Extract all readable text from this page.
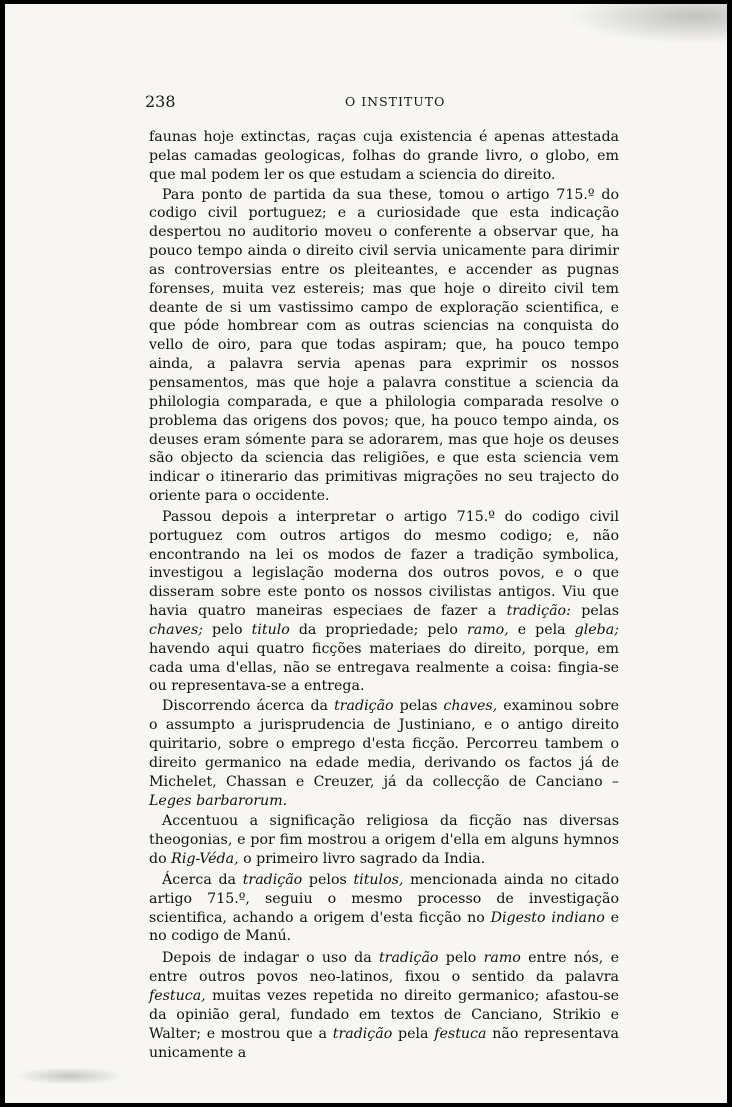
238	O INSTITUTO

faunas hoje extinctas, raças cuja existencia é apenas attestada pelas camadas geologicas, folhas do grande livro, o globo, em que mal podem ler os que estudam a sciencia do direito.

Para ponto de partida da sua these, tomou o artigo 715.º do codigo civil portuguez; e a curiosidade que esta indicação despertou no auditorio moveu o conferente a observar que, ha pouco tempo ainda o direito civil servia unicamente para dirimir as controversias entre os pleiteantes, e accender as pugnas forenses, muita vez estereis; mas que hoje o direito civil tem deante de si um vastissimo campo de exploração scientifica, e que póde hombrear com as outras sciencias na conquista do vello de oiro, para que todas aspiram; que, ha pouco tempo ainda, a palavra servia apenas para exprimir os nossos pensamentos, mas que hoje a palavra constitue a sciencia da philologia comparada, e que a philologia comparada resolve o problema das origens dos povos; que, ha pouco tempo ainda, os deuses eram sómente para se adorarem, mas que hoje os deuses são objecto da sciencia das religiões, e que esta sciencia vem indicar o itinerario das primitivas migrações no seu trajecto do oriente para o occidente.

Passou depois a interpretar o artigo 715.º do codigo civil portuguez com outros artigos do mesmo codigo; e, não encontrando na lei os modos de fazer a tradição symbolica, investigou a legislação moderna dos outros povos, e o que disseram sobre este ponto os nossos civilistas antigos. Viu que havia quatro maneiras especiaes de fazer a tradição: pelas chaves; pelo titulo da propriedade; pelo ramo, e pela gleba; havendo aqui quatro ficções materiaes do direito, porque, em cada uma d'ellas, não se entregava realmente a coisa: fingia-se ou representava-se a entrega.

Discorrendo ácerca da tradição pelas chaves, examinou sobre o assumpto a jurisprudencia de Justiniano, e o antigo direito quiritario, sobre o emprego d'esta ficção. Percorreu tambem o direito germanico na edade media, derivando os factos já de Michelet, Chassan e Creuzer, já da collecção de Canciano – Leges barbarorum.

Accentuou a significação religiosa da ficção nas diversas theogonias, e por fim mostrou a origem d'ella em alguns hymnos do Rig-Véda, o primeiro livro sagrado da India.

Ácerca da tradição pelos titulos, mencionada ainda no citado artigo 715.º, seguiu o mesmo processo de investigação scientifica, achando a origem d'esta ficção no Digesto indiano e no codigo de Manú.

Depois de indagar o uso da tradição pelo ramo entre nós, e entre outros povos neo-latinos, fixou o sentido da palavra festuca, muitas vezes repetida no direito germanico; afastou-se da opinião geral, fundado em textos de Canciano, Strikio e Walter; e mostrou que a tradição pela festuca não representava unicamente a
